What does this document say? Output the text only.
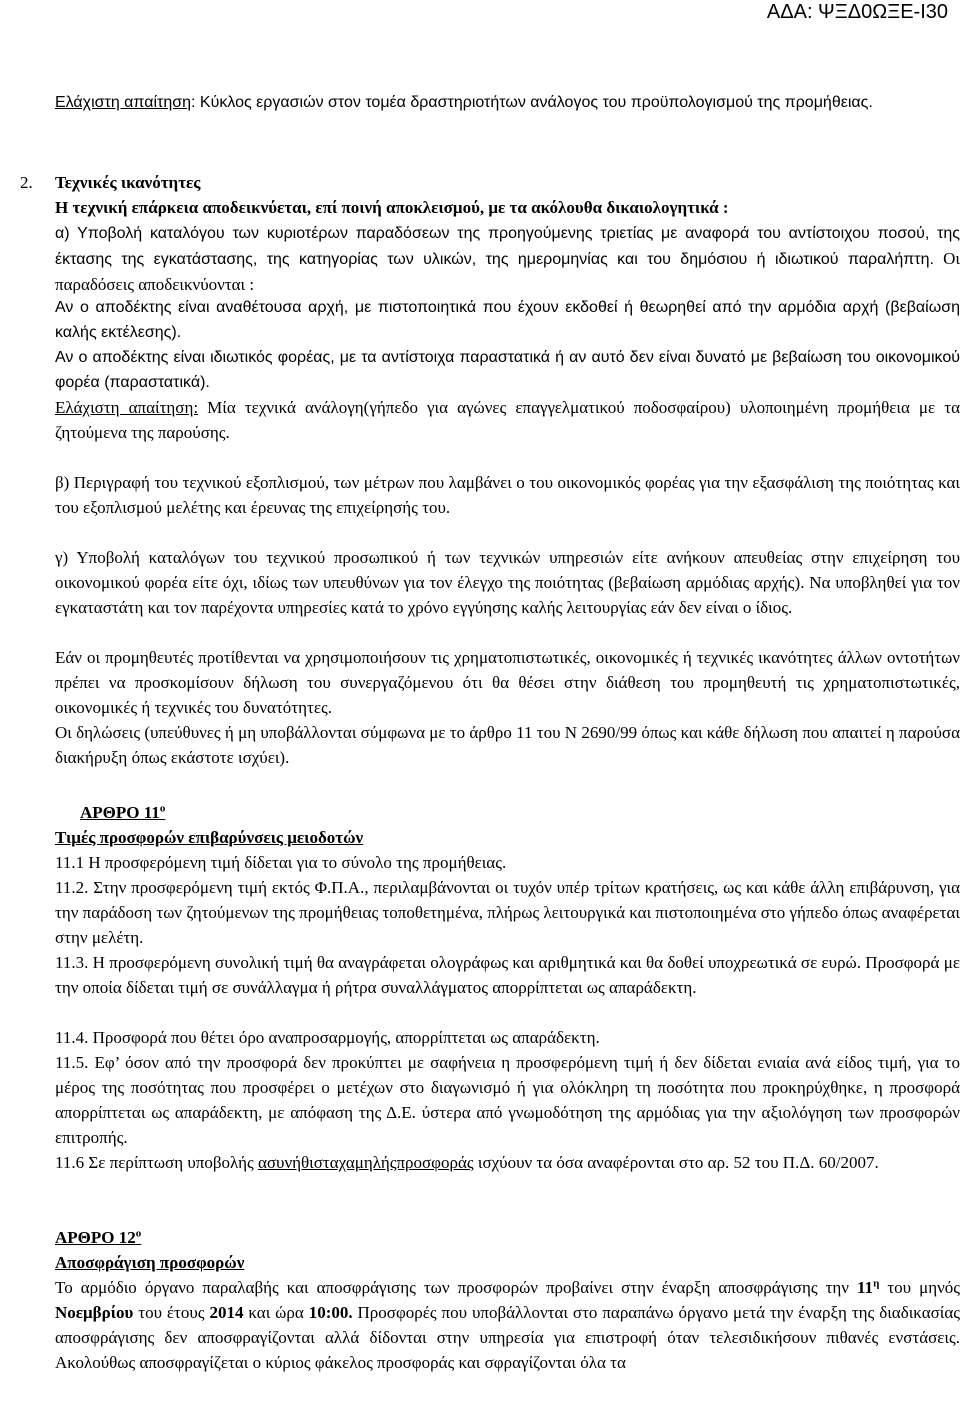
ΑΔΑ: ΨΞΔ0ΩΞΕ-Ι30

Ελάχιστη απαίτηση: Κύκλος εργασιών στον τομέα δραστηριοτήτων ανάλογος του προϋπολογισμού της προμήθειας.

2. Τεχνικές ικανότητες

Η τεχνική επάρκεια αποδεικνύεται, επί ποινή αποκλεισμού, με τα ακόλουθα δικαιολογητικά :

α) Υποβολή καταλόγου των κυριοτέρων παραδόσεων της προηγούμενης τριετίας με αναφορά του αντίστοιχου ποσού, της έκτασης της εγκατάστασης, της κατηγορίας των υλικών, της ημερομηνίας και του δημόσιου ή ιδιωτικού παραλήπτη. Οι παραδόσεις αποδεικνύονται :

Αν ο αποδέκτης είναι αναθέτουσα αρχή, με πιστοποιητικά που έχουν εκδοθεί ή θεωρηθεί από την αρμόδια αρχή (βεβαίωση καλής εκτέλεσης).

Αν ο αποδέκτης είναι ιδιωτικός φορέας, με τα αντίστοιχα παραστατικά ή αν αυτό δεν είναι δυνατό με βεβαίωση του οικονομικού φορέα (παραστατικά).

Ελάχιστη απαίτηση: Μία τεχνικά ανάλογη(γήπεδο για αγώνες επαγγελματικού ποδοσφαίρου) υλοποιημένη προμήθεια με τα ζητούμενα της παρούσης.

β) Περιγραφή του τεχνικού εξοπλισμού, των μέτρων που λαμβάνει ο του οικονομικός φορέας για την εξασφάλιση της ποιότητας και του εξοπλισμού μελέτης και έρευνας της επιχείρησής του.

γ) Υποβολή καταλόγων του τεχνικού προσωπικού ή των τεχνικών υπηρεσιών είτε ανήκουν απευθείας στην επιχείρηση του οικονομικού φορέα είτε όχι, ιδίως των υπευθύνων για τον έλεγχο της ποιότητας (βεβαίωση αρμόδιας αρχής). Να υποβληθεί για τον εγκαταστάτη και τον παρέχοντα υπηρεσίες κατά το χρόνο εγγύησης καλής λειτουργίας εάν δεν είναι ο ίδιος.

Εάν οι προμηθευτές προτίθενται να χρησιμοποιήσουν τις χρηματοπιστωτικές, οικονομικές ή τεχνικές ικανότητες άλλων οντοτήτων πρέπει να προσκομίσουν δήλωση του συνεργαζόμενου ότι θα θέσει στην διάθεση του προμηθευτή τις χρηματοπιστωτικές, οικονομικές ή τεχνικές του δυνατότητες.

Οι δηλώσεις (υπεύθυνες ή μη υποβάλλονται σύμφωνα με το άρθρο 11 του Ν 2690/99 όπως και κάθε δήλωση που απαιτεί η παρούσα διακήρυξη όπως εκάστοτε ισχύει).

ΑΡΘΡΟ $11^o$

Τιμές προσφορών επιβαρύνσεις μειοδοτών

11.1 Η προσφερόμενη τιμή δίδεται για το σύνολο της προμήθειας.

11.2. Στην προσφερόμενη τιμή εκτός Φ.Π.Α., περιλαμβάνονται οι τυχόν υπέρ τρίτων κρατήσεις, ως και κάθε άλλη επιβάρυνση, για την παράδοση των ζητούμενων της προμήθειας τοποθετημένα, πλήρως λειτουργικά και πιστοποιημένα στο γήπεδο όπως αναφέρεται στην μελέτη.

11.3. Η προσφερόμενη συνολική τιμή θα αναγράφεται ολογράφως και αριθμητικά και θα δοθεί υποχρεωτικά σε ευρώ. Προσφορά με την οποία δίδεται τιμή σε συνάλλαγμα ή ρήτρα συναλλάγματος απορρίπτεται ως απαράδεκτη.

11.4. Προσφορά που θέτει όρο αναπροσαρμογής, απορρίπτεται ως απαράδεκτη.

11.5. Εφ’ όσον από την προσφορά δεν προκύπτει με σαφήνεια η προσφερόμενη τιμή ή δεν δίδεται ενιαία ανά είδος τιμή, για το μέρος της ποσότητας που προσφέρει ο μετέχων στο διαγωνισμό ή για ολόκληρη τη ποσότητα που προκηρύχθηκε, η προσφορά απορρίπτεται ως απαράδεκτη, με απόφαση της Δ.Ε. ύστερα από γνωμοδότηση της αρμόδιας για την αξιολόγηση των προσφορών επιτροπής.

11.6 Σε περίπτωση υποβολής ασυνήθισταχαμηλήςπροσφοράς ισχύουν τα όσα αναφέρονται στο αρ. 52 του Π.Δ. 60/2007.

ΑΡΘΡΟ $12^o$

Αποσφράγιση προσφορών

Το αρμόδιο όργανο παραλαβής και αποσφράγισης των προσφορών προβαίνει στην έναρξη αποσφράγισης την $11^\eta$ του μηνός Νοεμβρίου του έτους 2014 και ώρα 10:00. Προσφορές που υποβάλλονται στο παραπάνω όργανο μετά την έναρξη της διαδικασίας αποσφράγισης δεν αποσφραγίζονται αλλά δίδονται στην υπηρεσία για επιστροφή όταν τελεσιδικήσουν πιθανές ενστάσεις. Ακολούθως αποσφραγίζεται ο κύριος φάκελος προσφοράς και σφραγίζονται όλα τα
